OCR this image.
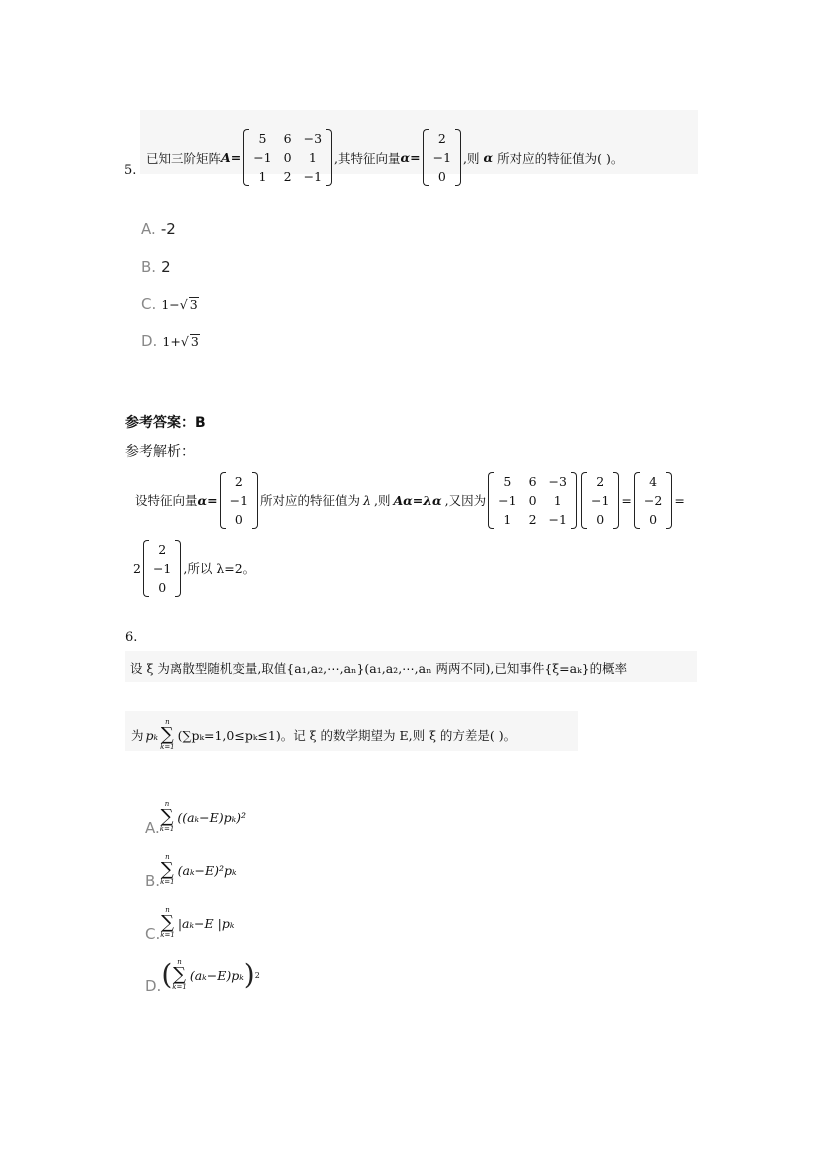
5.
已知三阶矩阵 A=
5	6 −3
−1 0	1
1	2 −1
,其特征向量 α=
2
−1
0
,则 α 所对应的特征值为( )。
A. -2
B. 2
C. 1−√ 3
D. 1+√ 3
参考答案：B
参考解析：
设特征向量 α=
2
−1
0
所对应的特征值为 λ ,则 Aα=λα ,又因为
5	6 −3
−1 0	1
1	2 −1
2
−1
0
=
4
−2
0
=
2
2
−1
0
,所以 λ=2。
6.
设 ξ 为离散型随机变量,取值{a₁,a₂,⋯,aₙ}(a₁,a₂,⋯,aₙ 两两不同),已知事件{ξ=aₖ}的概率
为 pₖ
n
∑
k=1
(∑pₖ=1,0≤pₖ≤1)。记 ξ 的数学期望为 E,则 ξ 的方差是( )。
A.
n
∑
k=1
((aₖ−E)pₖ)²
B.
n
∑
k=1
(aₖ−E)²pₖ
C.
n
∑
k=1
|aₖ−E |pₖ
D. ( n
∑
k=1
(aₖ−E)pₖ ) 2
